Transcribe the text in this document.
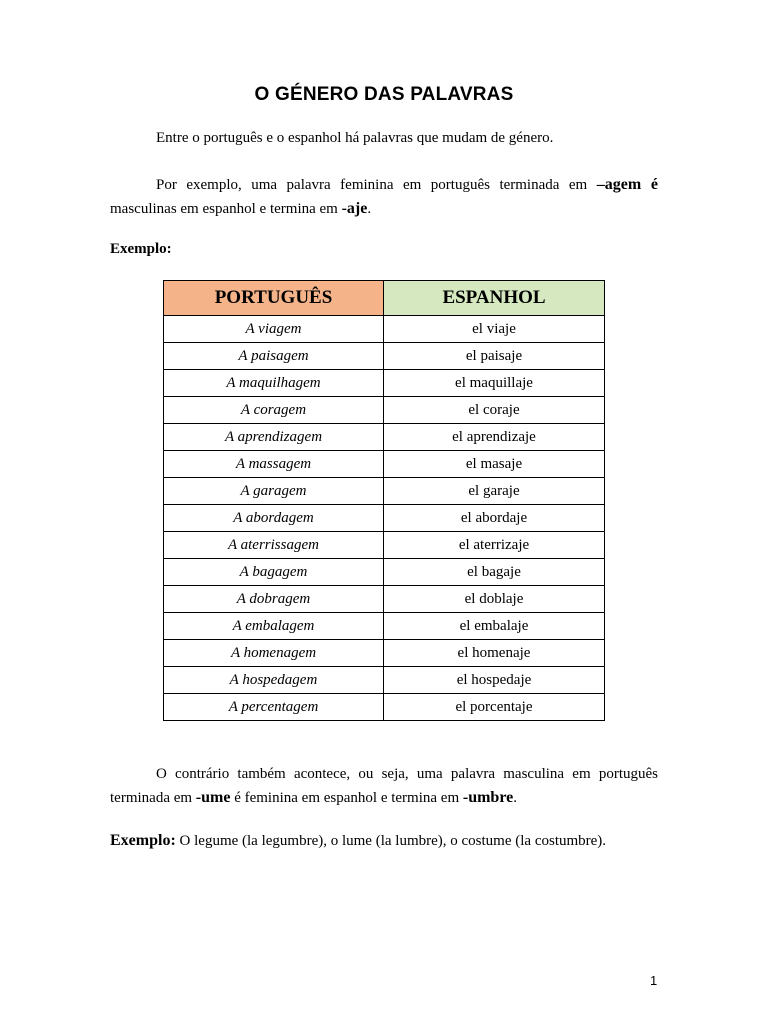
O GÉNERO DAS PALAVRAS
Entre o português e o espanhol há palavras que mudam de género.
Por exemplo, uma palavra feminina em português terminada em –agem é masculinas em espanhol e termina em -aje.
Exemplo:
PORTUGUÊS	ESPANHOL
A viagem	el viaje
A paisagem	el paisaje
A maquilhagem	el maquillaje
A coragem	el coraje
A aprendizagem	el aprendizaje
A massagem	el masaje
A garagem	el garaje
A abordagem	el abordaje
A aterrissagem	el aterrizaje
A bagagem	el bagaje
A dobragem	el doblaje
A embalagem	el embalaje
A homenagem	el homenaje
A hospedagem	el hospedaje
A percentagem	el porcentaje
O contrário também acontece, ou seja, uma palavra masculina em português terminada em -ume é feminina em espanhol e termina em -umbre.
Exemplo: O legume (la legumbre), o lume (la lumbre), o costume (la costumbre).
1
